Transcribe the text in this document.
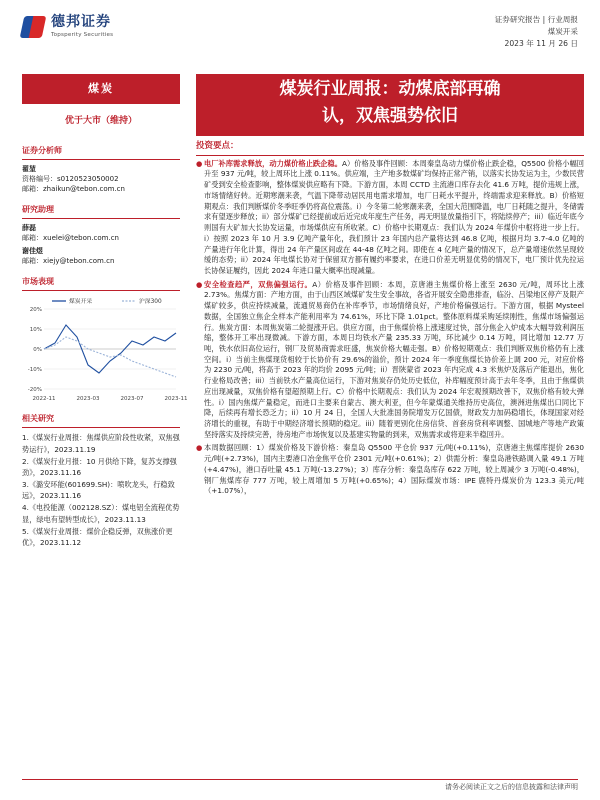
德邦证券
Topsperity Securities
证券研究报告 | 行业周报
煤炭开采
2023 年 11 月 26 日
煤炭	煤炭行业周报：动煤底部再确
认，双焦强势依旧
优于大市（维持）
证券分析师
翟堃
资格编号：s0120523050002
邮箱：zhaikun@tebon.com.cn
研究助理
薛磊
邮箱：xuelei@tebon.com.cn
谢佳煜
邮箱：xiejy@tebon.com.cn
市场表现
20%
10%
0%
-10%
-20%
2022-11	2023-03	2023-07	2023-11
煤炭开采	沪深300
相关研究
1.《煤炭行业周报：焦煤供应阶段性收紧，双焦强势运行》，2023.11.19
2.《煤炭行业月报：10 月供给下降，复苏支撑强劲》，2023.11.16
3.《潞安环能(601699.SH)：喷吹龙头，行稳致远》，2023.11.16
4.《电投能源（002128.SZ）：煤电铝全流程优势显，绿电有望转型成长》，2023.11.13
5.《煤炭行业周报：煤价企稳反弹，双焦涨价更优》，2023.11.12
投资要点：
● 电厂补库需求释放，动力煤价格止跌企稳。A）价格及事件回顾：本周秦皇岛动力煤价格止跌企稳，Q5500 价格小幅回升至 937 元/吨，较上周环比上涨 0.11%。供应端，主产地多数煤矿均保持正常产销，以落实长协发运为主，少数民营矿受到安全检查影响，整体煤炭供应略有下降。下游方面，本周 CCTD 主流港口库存去化 41.6 万吨，提价违规上涨，市场情绪好转。近期寒潮来袭，气温下降带动居民用电需求增加，电厂日耗水平提升，终端需求迎来释放。B）价格短期观点：我们判断煤价冬季旺季仍将高位震荡。i）今冬第二轮寒潮来袭，全国大范围降温，电厂日耗随之提升，冬储需求有望逐步释放；ii）部分煤矿已经提前或后近完成年度生产任务，再无明显放量指引下，将陆续停产；iii）临近年底今则国有大矿加大长协发运量，市场煤供应有所收紧。C）价格中长期观点：我们认为 2024 年煤价中枢将进一步上行。i）按照 2023 年 10 月 3.9 亿吨产量年化，我们预计 23 年国内总产量将达到 46.8 亿吨，根据月均 3.7-4.0 亿吨的产量进行年化计算，得出 24 年产量区间或在 44-48 亿吨之间。即使在 4 亿吨产量的情况下，总产量增速依然呈现较缓的态势；ii）2024 年电煤长协对于保留双方都有履约率要求，在进口价差无明显优势的情况下，电厂预计优先拉运长协保证履约，因此 2024 年进口量大概率出现减量。
● 安全检查趋严，双焦偏强运行。A）价格及事件回顾：本周，京唐港主焦煤价格上涨至 2630 元/吨，周环比上涨 2.73%。焦煤方面：产地方面，由于山西区域煤矿发生安全事故，各省开展安全隐患排查，临汾、吕梁地区停产及限产煤矿较多，供应持续减量，流通贸易商仍在补库季节，市场情绪良好，产地价格偏强运行。下游方面，根据 Mysteel 数据，全国独立焦企全样本产能利用率为 74.61%，环比下降 1.01pct。整体原料煤采购延续刚性，焦煤市场偏强运行。焦炭方面：本周焦炭第二轮提涨开启。供应方面，由于焦煤价格上涨速度过快，部分焦企入炉成本大幅导致利润压缩，整体开工率出现微减。下游方面，本周日均铁水产量 235.33 万吨，环比减少 0.14 万吨，同比增加 12.77 万吨，铁水依旧高位运行，钢厂及贸易商需求旺盛，焦炭价格大幅走强。B）价格短期观点：我们判断双焦价格仍有上涨空间。i）当前主焦煤现货相较于长协价有 29.6%的溢价，预计 2024 年一季度焦煤长协价差上调 200 元，对应价格为 2230 元/吨，将高于 2023 年的均价 2095 元/吨；ii）晋陕蒙省 2023 年内完成 4.3 米焦炉及落后产能退出，焦化行业格局改善；iii）当前铁水产量高位运行，下游对焦炭存仍处历史低位，补库幅度预计高于去年冬季，且由于焦煤供应出现减量，双焦价格有望超预期上行。C）价格中长期观点：我们认为 2024 年宏观预期改善下，双焦价格有较大弹性。i）国内焦煤产量稳定，而进口主要来自蒙古、澳大利亚，但今年蒙煤通关维持历史高位，澳洲进焦煤出口同比下降，后续再有增长恐乏力；ii）10 月 24 日，全国人大批准国务院增发万亿国债，财政发力加码稳增长，体现国家对经济增长的重视，有助于中期经济增长预期的稳定。iii）随着更别化住房信贷、首套房贷利率调整、国城地产等地产政策坚持落实及持续完善，待房地产市场恢复以及基建实物量的到来，双焦需求或将迎来半稳回升。
● 本周数据回顾：1）煤炭价格及下游价格：秦皇岛 Q5500 平仓价 937 元/吨(+0.11%)，京唐港主焦煤库提价 2630 元/吨(+2.73%)，国内主要港口冶金焦平仓价 2301 元/吨(+0.61%)；2）供需分析：秦皇岛港铁路调入量 49.1 万吨(+4.47%)，港口吞吐量 45.1 万吨(-13.27%)；3）库存分析：秦皇岛库存 622 万吨，较上周减少 3 万吨(-0.48%)，钢厂焦煤库存 777 万吨，较上周增加 5 万吨(+0.65%)；4）国际煤炭市场：IPE 鹿特丹煤炭价为 123.3 美元/吨（+1.07%），
请务必阅读正文之后的信息披露和法律声明
